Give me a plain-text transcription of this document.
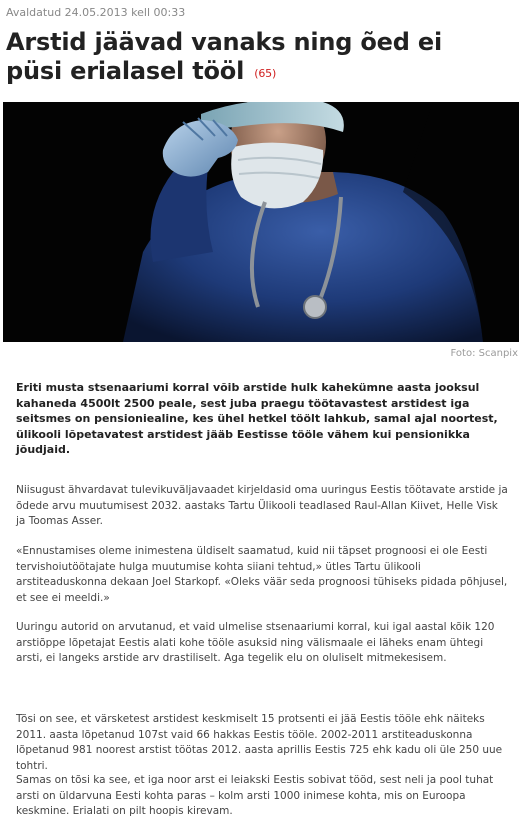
Avaldatud 24.05.2013 kell 00:33
Arstid jäävad vanaks ning õed ei püsi erialasel tööl (65)
Foto: Scanpix

Eriti musta stsenaariumi korral võib arstide hulk kahekümne aasta jooksul kahaneda 4500lt 2500 peale, sest juba praegu töötavastest arstidest iga seitsmes on pensioniealine, kes ühel hetkel töölt lahkub, samal ajal noortest, ülikooli lõpetavatest arstidest jääb Eestisse tööle vähem kui pensionikka jõudjaid.

Niisugust ähvardavat tulevikuväljavaadet kirjeldasid oma uuringus Eestis töötavate arstide ja õdede arvu muutumisest 2032. aastaks Tartu Ülikooli teadlased Raul-Allan Kiivet, Helle Visk ja Toomas Asser.

«Ennustamises oleme inimestena üldiselt saamatud, kuid nii täpset prognoosi ei ole Eesti tervishoiutöötajate hulga muutumise kohta siiani tehtud,» ütles Tartu ülikooli arstiteaduskonna dekaan Joel Starkopf. «Oleks väär seda prognoosi tühiseks pidada põhjusel, et see ei meeldi.»

Uuringu autorid on arvutanud, et vaid ulmelise stsenaariumi korral, kui igal aastal kõik 120 arstiõppe lõpetajat Eestis alati kohe tööle asuksid ning välismaale ei läheks enam ühtegi arsti, ei langeks arstide arv drastiliselt. Aga tegelik elu on oluliselt mitmekesisem.

Tõsi on see, et värsketest arstidest keskmiselt 15 protsenti ei jää Eestis tööle ehk näiteks 2011. aasta lõpetanud 107st vaid 66 hakkas Eestis tööle. 2002-2011 arstiteaduskonna lõpetanud 981 noorest arstist töötas 2012. aasta aprillis Eestis 725 ehk kadu oli üle 250 uue tohtri.

Samas on tõsi ka see, et iga noor arst ei leiakski Eestis sobivat tööd, sest neli ja pool tuhat arsti on üldarvuna Eesti kohta paras – kolm arsti 1000 inimese kohta, mis on Euroopa keskmine. Erialati on pilt hoopis kirevam.
